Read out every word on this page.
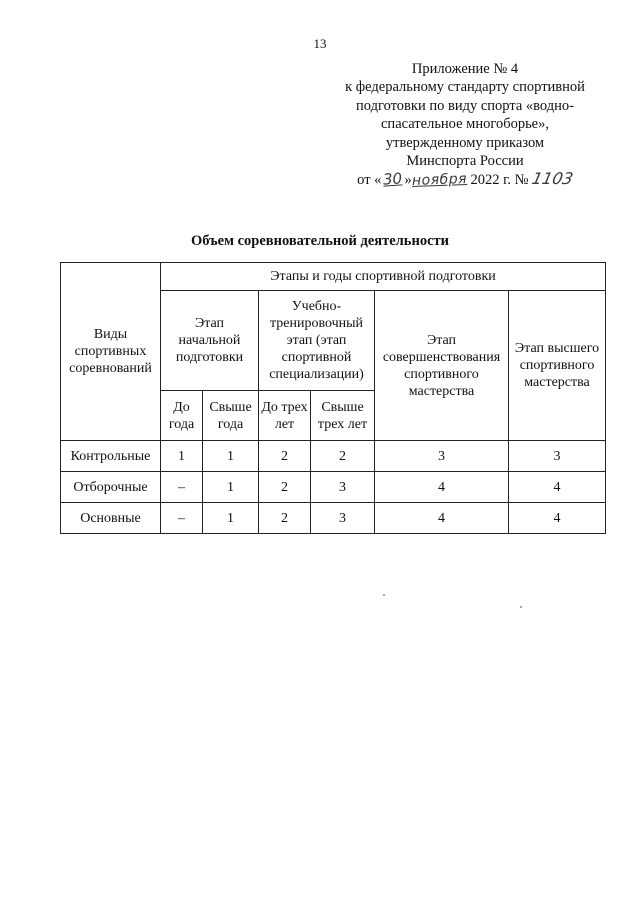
13
Приложение № 4
к федеральному стандарту спортивной
подготовки по виду спорта «водно-
спасательное многоборье»,
утвержденному приказом
Минспорта России
от «30»ноября 2022 г. № 1103
Объем соревновательной деятельности
Виды спортивных соревнований	Этапы и годы спортивной подготовки					
	Этап начальной подготовки		Учебно-тренировочный этап (этап спортивной специализации)		Этап совершенствования спортивного мастерства	Этап высшего спортивного мастерства
	До года	Свыше года	До трех лет	Свыше трех лет		
Контрольные	1	1	2	2	3	3
Отборочные	–	1	2	3	4	4
Основные	–	1	2	3	4	4
